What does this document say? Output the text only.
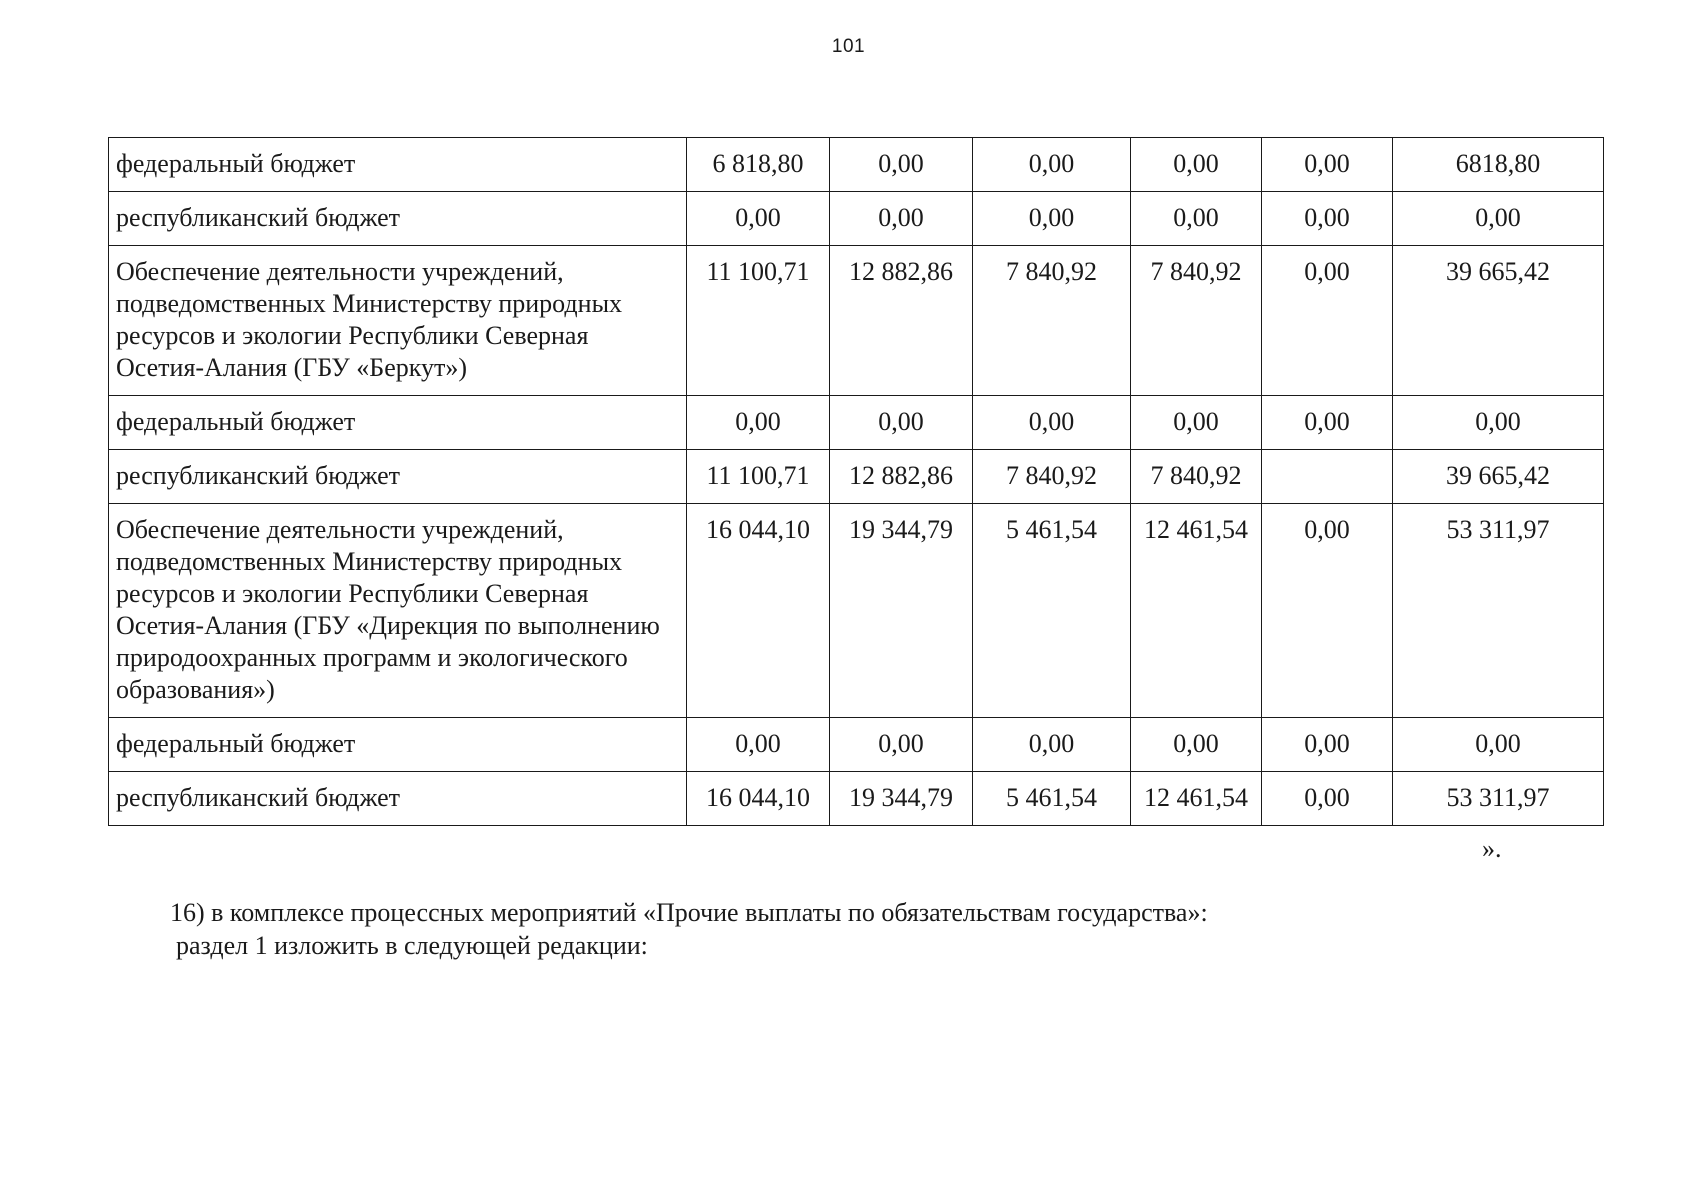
101
федеральный бюджет	6 818,80	0,00	0,00	0,00	0,00	6818,80
республиканский бюджет	0,00	0,00	0,00	0,00	0,00	0,00
Обеспечение деятельности учреждений, подведомственных Министерству природных ресурсов и экологии Республики Северная Осетия-Алания (ГБУ «Беркут»)	11 100,71	12 882,86	7 840,92	7 840,92	0,00	39 665,42
федеральный бюджет	0,00	0,00	0,00	0,00	0,00	0,00
республиканский бюджет	11 100,71	12 882,86	7 840,92	7 840,92		39 665,42
Обеспечение деятельности учреждений, подведомственных Министерству природных ресурсов и экологии Республики Северная Осетия-Алания (ГБУ «Дирекция по выполнению природоохранных программ и экологического образования»)	16 044,10	19 344,79	5 461,54	12 461,54	0,00	53 311,97
федеральный бюджет	0,00	0,00	0,00	0,00	0,00	0,00
республиканский бюджет	16 044,10	19 344,79	5 461,54	12 461,54	0,00	53 311,97
».
16) в комплексе процессных мероприятий «Прочие выплаты по обязательствам государства»:
раздел 1 изложить в следующей редакции:
